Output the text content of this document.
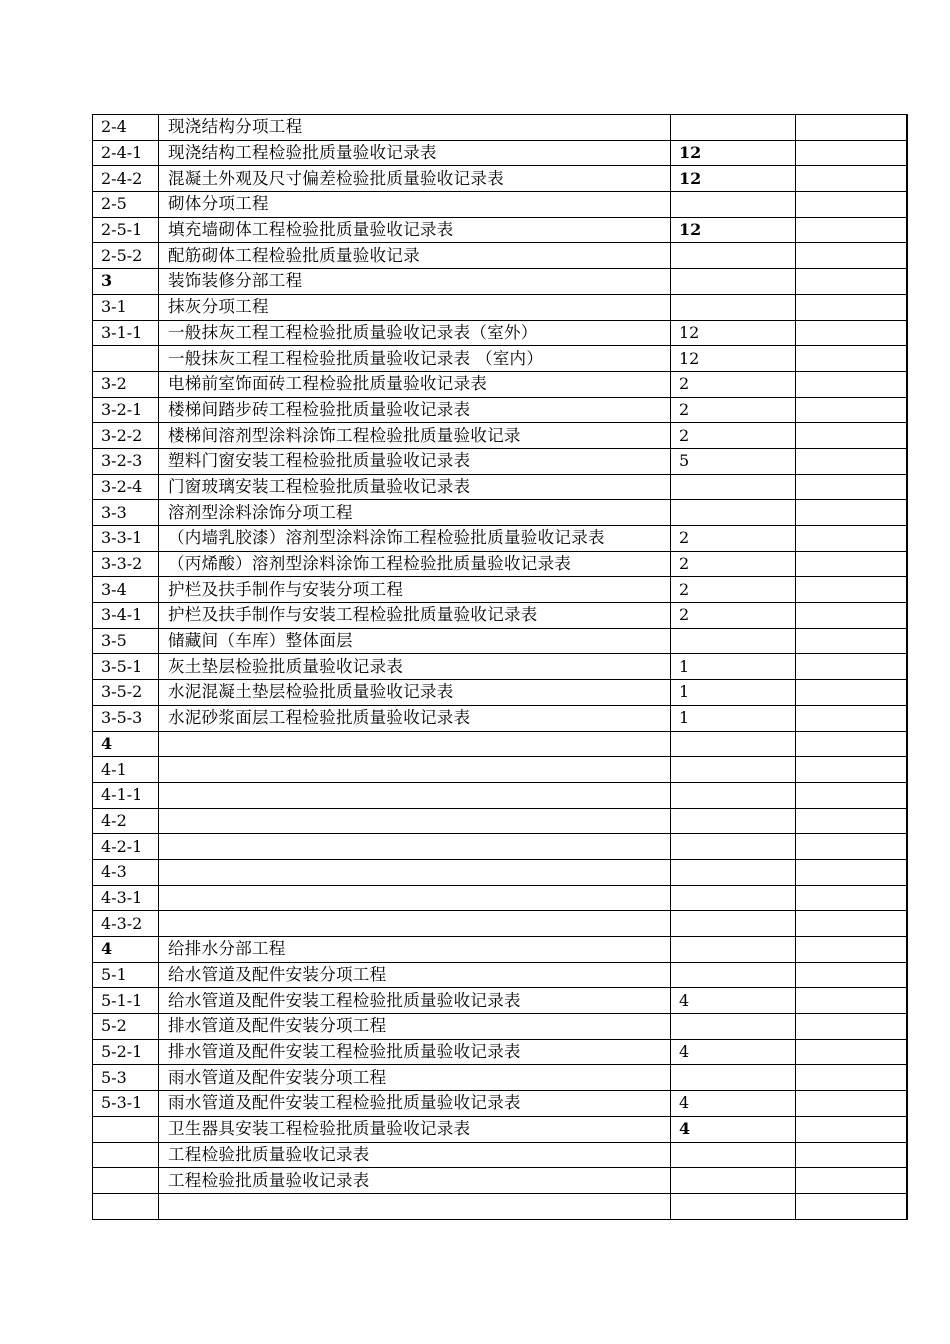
2-4	现浇结构分项工程		
2-4-1	现浇结构工程检验批质量验收记录表	12	
2-4-2	混凝土外观及尺寸偏差检验批质量验收记录表	12	
2-5	砌体分项工程		
2-5-1	填充墙砌体工程检验批质量验收记录表	12	
2-5-2	配筋砌体工程检验批质量验收记录		
3	装饰装修分部工程		
3-1	抹灰分项工程		
3-1-1	一般抹灰工程工程检验批质量验收记录表（室外）	12	
	一般抹灰工程工程检验批质量验收记录表 （室内）	12	
3-2	电梯前室饰面砖工程检验批质量验收记录表	2	
3-2-1	楼梯间踏步砖工程检验批质量验收记录表	2	
3-2-2	楼梯间溶剂型涂料涂饰工程检验批质量验收记录	2	
3-2-3	塑料门窗安装工程检验批质量验收记录表	5	
3-2-4	门窗玻璃安装工程检验批质量验收记录表		
3-3	溶剂型涂料涂饰分项工程		
3-3-1	（内墙乳胶漆）溶剂型涂料涂饰工程检验批质量验收记录表	2	
3-3-2	（丙烯酸）溶剂型涂料涂饰工程检验批质量验收记录表	2	
3-4	护栏及扶手制作与安装分项工程	2	
3-4-1	护栏及扶手制作与安装工程检验批质量验收记录表	2	
3-5	储藏间（车库）整体面层		
3-5-1	灰土垫层检验批质量验收记录表	1	
3-5-2	水泥混凝土垫层检验批质量验收记录表	1	
3-5-3	水泥砂浆面层工程检验批质量验收记录表	1	
4			
4-1			
4-1-1			
4-2			
4-2-1			
4-3			
4-3-1			
4-3-2			
4	给排水分部工程		
5-1	给水管道及配件安装分项工程		
5-1-1	给水管道及配件安装工程检验批质量验收记录表	4	
5-2	排水管道及配件安装分项工程		
5-2-1	排水管道及配件安装工程检验批质量验收记录表	4	
5-3	雨水管道及配件安装分项工程		
5-3-1	雨水管道及配件安装工程检验批质量验收记录表	4	
	卫生器具安装工程检验批质量验收记录表	4	
	工程检验批质量验收记录表		
	工程检验批质量验收记录表		
